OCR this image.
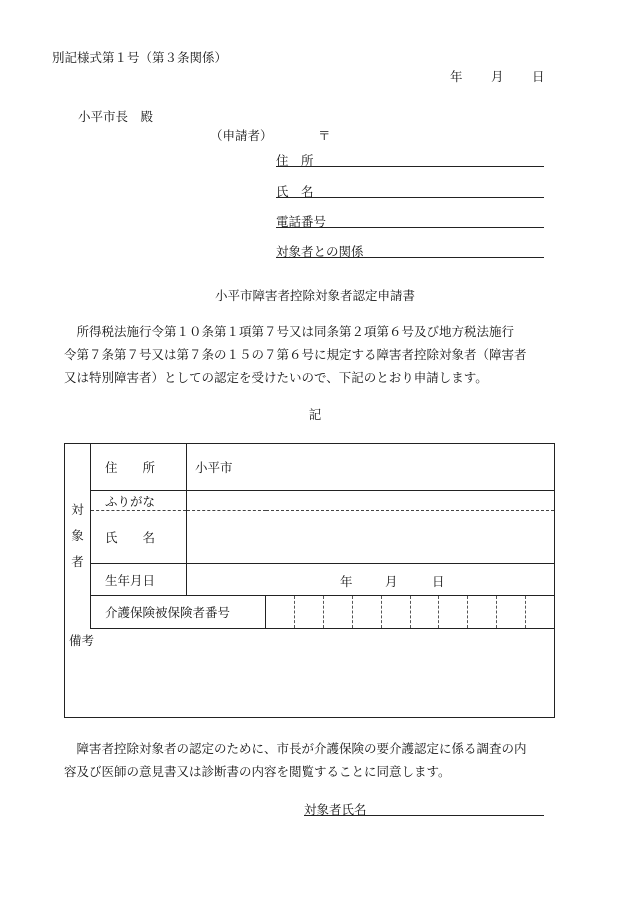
別記様式第１号（第３条関係）
年 月 日
小平市長　殿
（申請者）	〒
住　所
氏　名
電話番号
対象者との関係
小平市障害者控除対象者認定申請書
　所得税法施行令第１０条第１項第７号又は同条第２項第６号及び地方税法施行
令第７条第７号又は第７条の１５の７第６号に規定する障害者控除対象者（障害者
又は特別障害者）としての認定を受けたいので、下記のとおり申請します。
記
対
象
者	住　　所	小平市	
	ふりがな		
	氏　　名		
	生年月日	年 月 日	

	介護保険被保険者番号		
備考
　障害者控除対象者の認定のために、市長が介護保険の要介護認定に係る調査の内
容及び医師の意見書又は診断書の内容を閲覧することに同意します。
対象者氏名
